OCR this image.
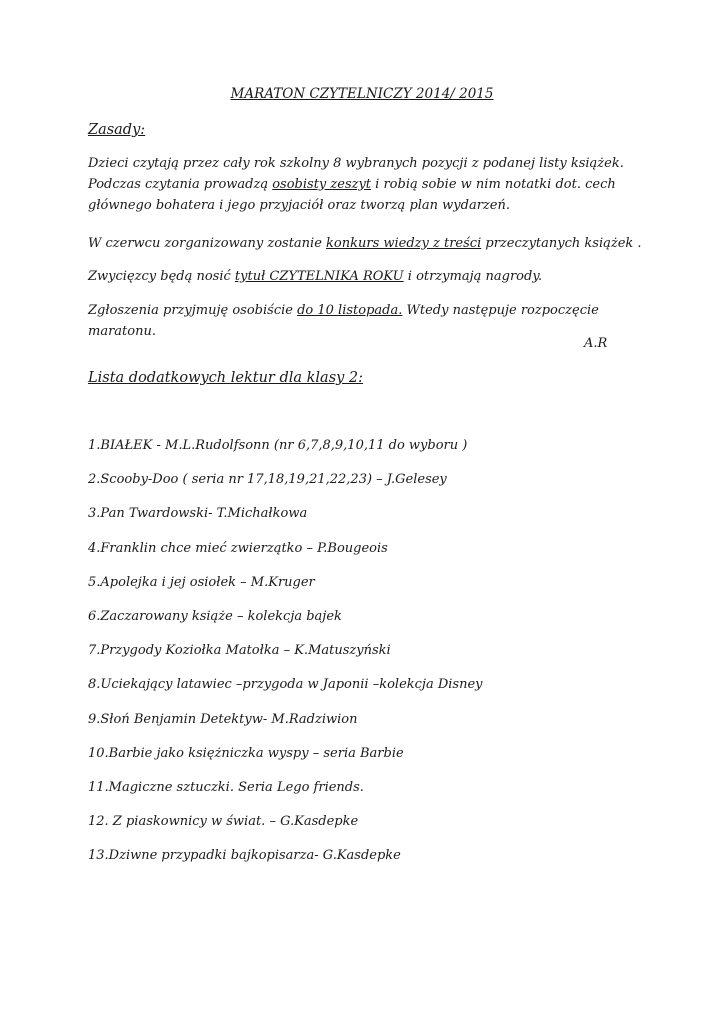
MARATON CZYTELNICZY 2014/ 2015
Zasady:
Dzieci czytają przez cały rok szkolny 8 wybranych pozycji z podanej listy książek. Podczas czytania prowadzą osobisty zeszyt i robią sobie w nim notatki dot. cech głównego bohatera i jego przyjaciół oraz tworzą plan wydarzeń.
W czerwcu zorganizowany zostanie konkurs wiedzy z treści przeczytanych książek .
Zwycięzcy będą nosić tytuł CZYTELNIKA ROKU i otrzymają nagrody.
Zgłoszenia przyjmuję osobiście do 10 listopada. Wtedy następuje rozpoczęcie maratonu.
A.R
Lista dodatkowych lektur dla klasy 2:
1.BIAŁEK - M.L.Rudolfsonn (nr 6,7,8,9,10,11 do wyboru )
2.Scooby-Doo ( seria nr 17,18,19,21,22,23) – J.Gelesey
3.Pan Twardowski- T.Michałkowa
4.Franklin chce mieć zwierzątko – P.Bougeois
5.Apolejka i jej osiołek – M.Kruger
6.Zaczarowany książe – kolekcja bajek
7.Przygody Koziołka Matołka – K.Matuszyński
8.Uciekający latawiec –przygoda w Japonii –kolekcja Disney
9.Słoń Benjamin Detektyw- M.Radziwion
10.Barbie jako księżniczka wyspy – seria Barbie
11.Magiczne sztuczki. Seria Lego friends.
12. Z piaskownicy w świat. – G.Kasdepke
13.Dziwne przypadki bajkopisarza- G.Kasdepke
